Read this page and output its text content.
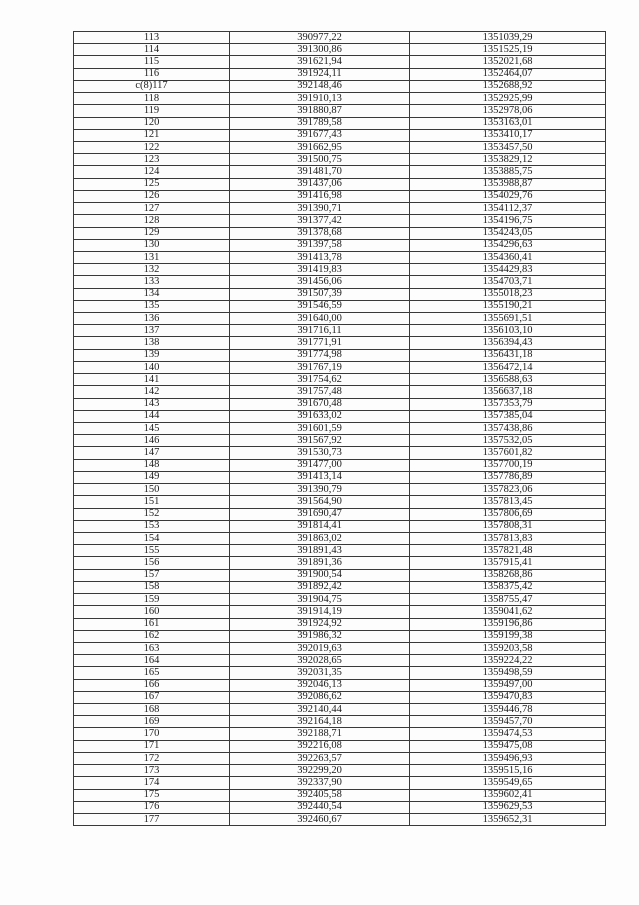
113	390977,22	1351039,29
114	391300,86	1351525,19
115	391621,94	1352021,68
116	391924,11	1352464,07
c(8)117	392148,46	1352688,92
118	391910,13	1352925,99
119	391880,87	1352978,06
120	391789,58	1353163,01
121	391677,43	1353410,17
122	391662,95	1353457,50
123	391500,75	1353829,12
124	391481,70	1353885,75
125	391437,06	1353988,87
126	391416,98	1354029,76
127	391390,71	1354112,37
128	391377,42	1354196,75
129	391378,68	1354243,05
130	391397,58	1354296,63
131	391413,78	1354360,41
132	391419,83	1354429,83
133	391456,06	1354703,71
134	391507,39	1355018,23
135	391546,59	1355190,21
136	391640,00	1355691,51
137	391716,11	1356103,10
138	391771,91	1356394,43
139	391774,98	1356431,18
140	391767,19	1356472,14
141	391754,62	1356588,63
142	391757,48	1356637,18
143	391670,48	1357353,79
144	391633,02	1357385,04
145	391601,59	1357438,86
146	391567,92	1357532,05
147	391530,73	1357601,82
148	391477,00	1357700,19
149	391413,14	1357786,89
150	391390,79	1357823,06
151	391564,90	1357813,45
152	391690,47	1357806,69
153	391814,41	1357808,31
154	391863,02	1357813,83
155	391891,43	1357821,48
156	391891,36	1357915,41
157	391900,54	1358268,86
158	391892,42	1358375,42
159	391904,75	1358755,47
160	391914,19	1359041,62
161	391924,92	1359196,86
162	391986,32	1359199,38
163	392019,63	1359203,58
164	392028,65	1359224,22
165	392031,35	1359498,59
166	392046,13	1359497,00
167	392086,62	1359470,83
168	392140,44	1359446,78
169	392164,18	1359457,70
170	392188,71	1359474,53
171	392216,08	1359475,08
172	392263,57	1359496,93
173	392299,20	1359515,16
174	392337,90	1359549,65
175	392405,58	1359602,41
176	392440,54	1359629,53
177	392460,67	1359652,31
